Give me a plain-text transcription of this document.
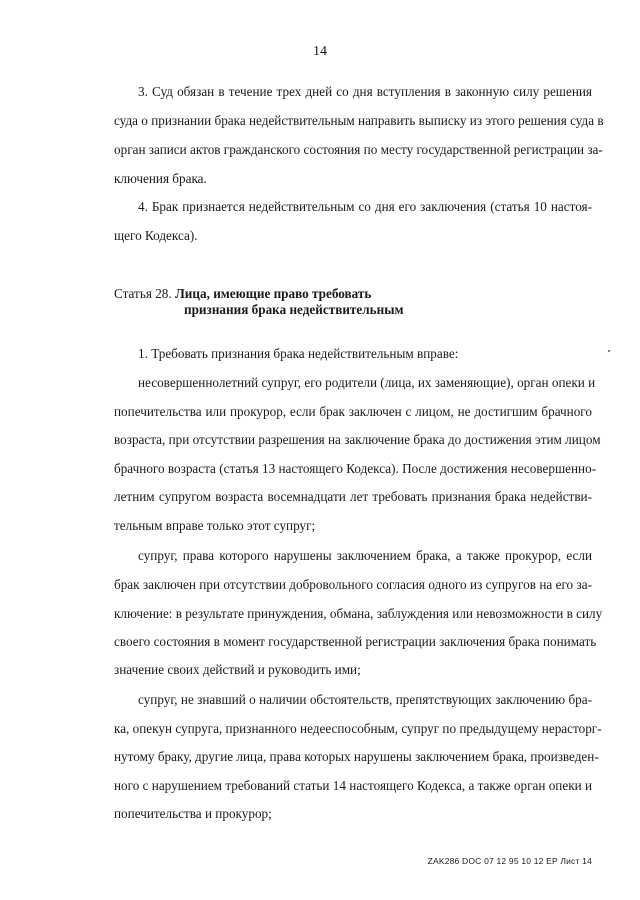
14
3. Суд обязан в течение трех дней со дня вступления в законную силу решения
суда о признании брака недействительным направить выписку из этого решения суда в
орган записи актов гражданского состояния по месту государственной регистрации за-
ключения брака.
4. Брак признается недействительным со дня его заключения (статья 10 настоя-
щего Кодекса).
Статья 28. Лица, имеющие право требовать
признания брака недействительным
1. Требовать признания брака недействительным вправе:
несовершеннолетний супруг, его родители (лица, их заменяющие), орган опеки и
попечительства или прокурор, если брак заключен с лицом, не достигшим брачного
возраста, при отсутствии разрешения на заключение брака до достижения этим лицом
брачного возраста (статья 13 настоящего Кодекса). После достижения несовершенно-
летним супругом возраста восемнадцати лет требовать признания брака недействи-
тельным вправе только этот супруг;
супруг, права которого нарушены заключением брака, а также прокурор, если
брак заключен при отсутствии добровольного согласия одного из супругов на его за-
ключение: в результате принуждения, обмана, заблуждения или невозможности в силу
своего состояния в момент государственной регистрации заключения брака понимать
значение своих действий и руководить ими;
супруг, не знавший о наличии обстоятельств, препятствующих заключению бра-
ка, опекун супруга, признанного недееспособным, супруг по предыдущему нерасторг-
нутому браку, другие лица, права которых нарушены заключением брака, произведен-
ного с нарушением требований статьи 14 настоящего Кодекса, а также орган опеки и
попечительства и прокурор;
ZAK286 DOC 07 12 95 10 12 EP Лист 14
